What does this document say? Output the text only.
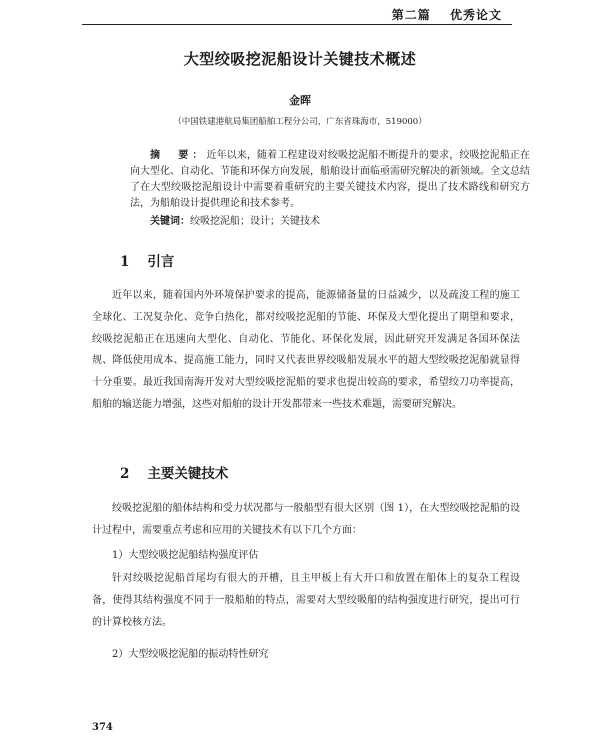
第二篇 优秀论文
大型绞吸挖泥船设计关键技术概述
金晖
（中国铁建港航局集团船舶工程分公司，广东省珠海市，519000）
摘　要：近年以来，随着工程建设对绞吸挖泥船不断提升的要求，绞吸挖泥船正在向大型化、自动化、节能和环保方向发展，船舶设计面临亟需研究解决的新领域。全文总结了在大型绞吸挖泥船设计中需要着重研究的主要关键技术内容，提出了技术路线和研究方法，为船舶设计提供理论和技术参考。
关键词：绞吸挖泥船；设计；关键技术
1 引言
近年以来，随着国内外环境保护要求的提高，能源储备量的日益减少，以及疏浚工程的施工全球化、工况复杂化、竞争白热化，都对绞吸挖泥船的节能、环保及大型化提出了期望和要求，绞吸挖泥船正在迅速向大型化、自动化、节能化、环保化发展，因此研究开发满足各国环保法规、降低使用成本、提高施工能力，同时又代表世界绞吸船发展水平的超大型绞吸挖泥船就显得十分重要。最近我国南海开发对大型绞吸挖泥船的要求也提出较高的要求，希望绞刀功率提高，船舶的输送能力增强，这些对船舶的设计开发都带来一些技术难题，需要研究解决。
2 主要关键技术
绞吸挖泥船的船体结构和受力状况都与一般船型有很大区别（图 1），在大型绞吸挖泥船的设计过程中，需要重点考虑和应用的关键技术有以下几个方面：
1）大型绞吸挖泥船结构强度评估
针对绞吸挖泥船首尾均有很大的开槽，且主甲板上有大开口和放置在船体上的复杂工程设备，使得其结构强度不同于一般船舶的特点，需要对大型绞吸船的结构强度进行研究，提出可行的计算校核方法。
2）大型绞吸挖泥船的振动特性研究
374
